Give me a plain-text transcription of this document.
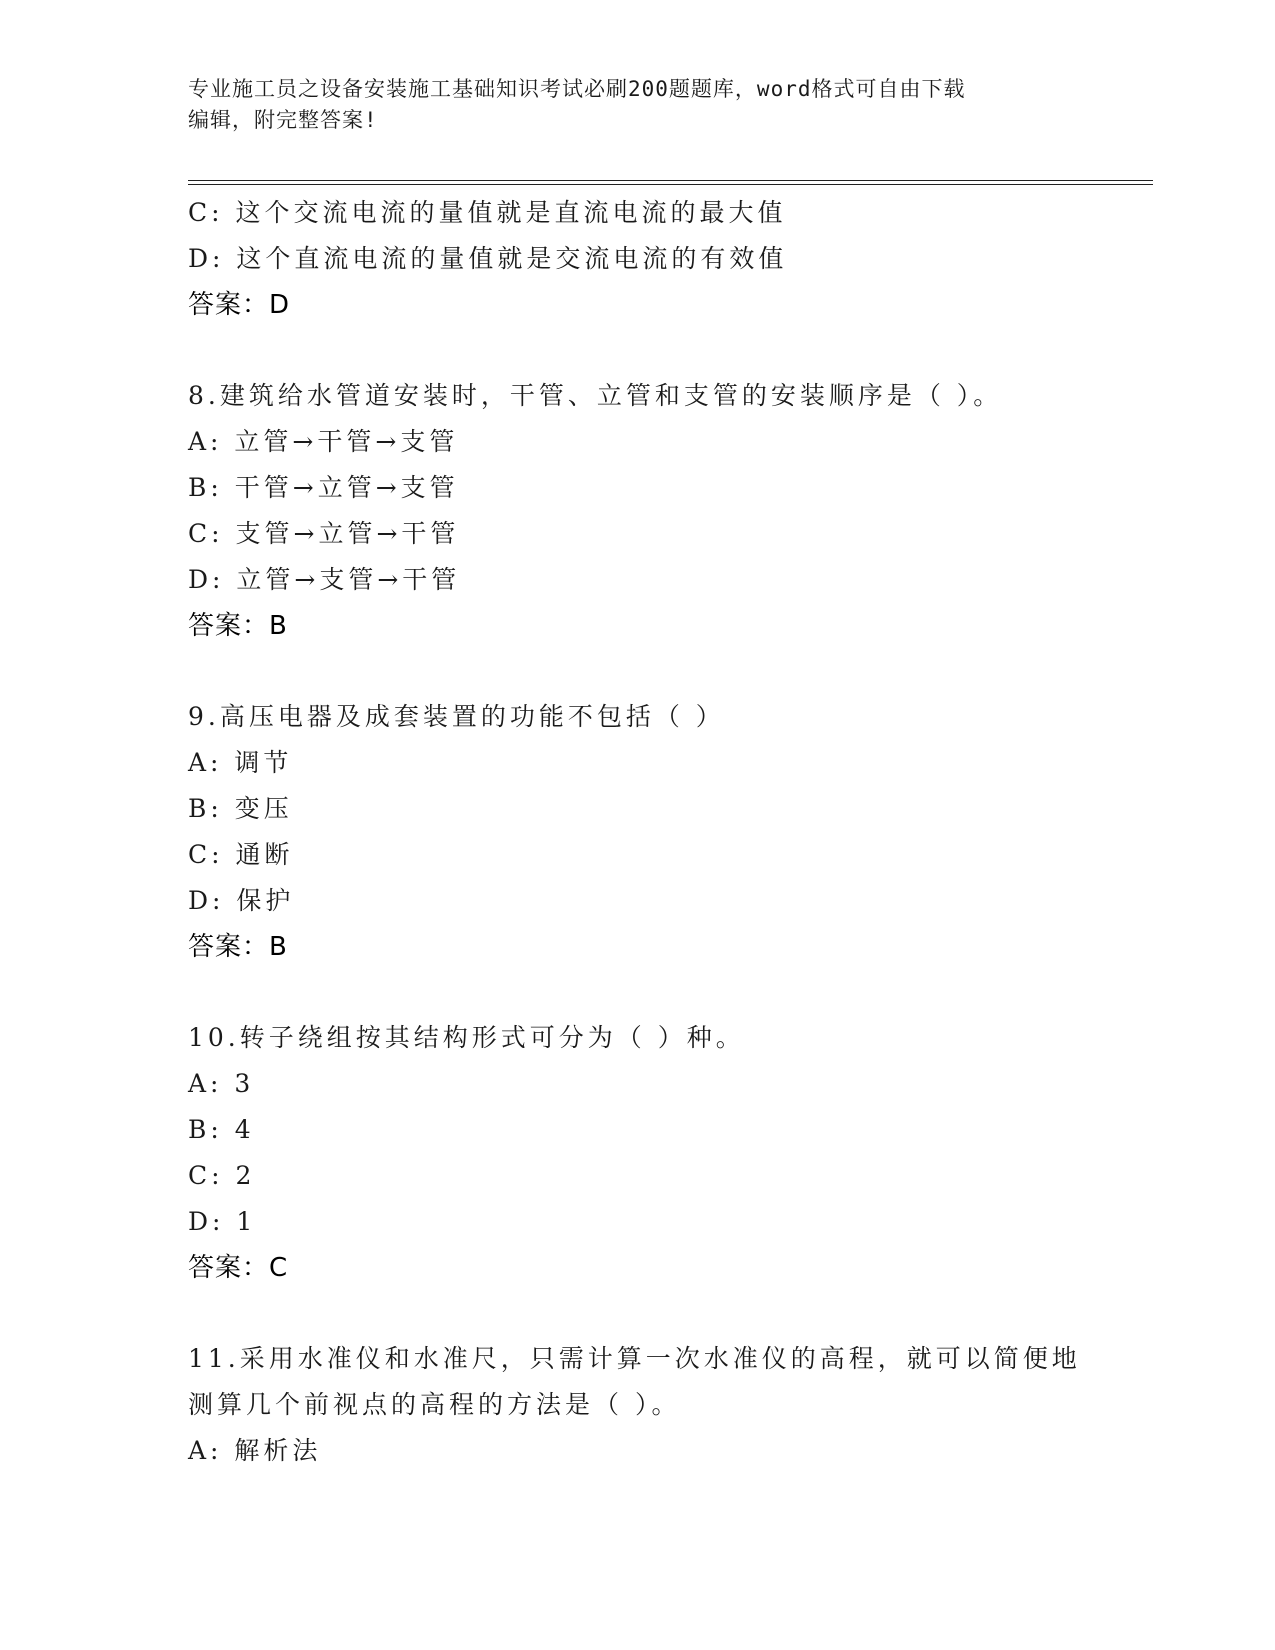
专业施工员之设备安装施工基础知识考试必刷200题题库，word格式可自由下载
编辑，附完整答案!
C: 这个交流电流的量值就是直流电流的最大值
D: 这个直流电流的量值就是交流电流的有效值
答案：D
8.建筑给水管道安装时，干管、立管和支管的安装顺序是（ ）。
A: 立管→干管→支管
B: 干管→立管→支管
C: 支管→立管→干管
D: 立管→支管→干管
答案：B
9.高压电器及成套装置的功能不包括（ ）
A: 调节
B: 变压
C: 通断
D: 保护
答案：B
10.转子绕组按其结构形式可分为（ ）种。
A: 3
B: 4
C: 2
D: 1
答案：C
11.采用水准仪和水准尺，只需计算一次水准仪的高程，就可以简便地
测算几个前视点的高程的方法是（ ）。
A: 解析法
